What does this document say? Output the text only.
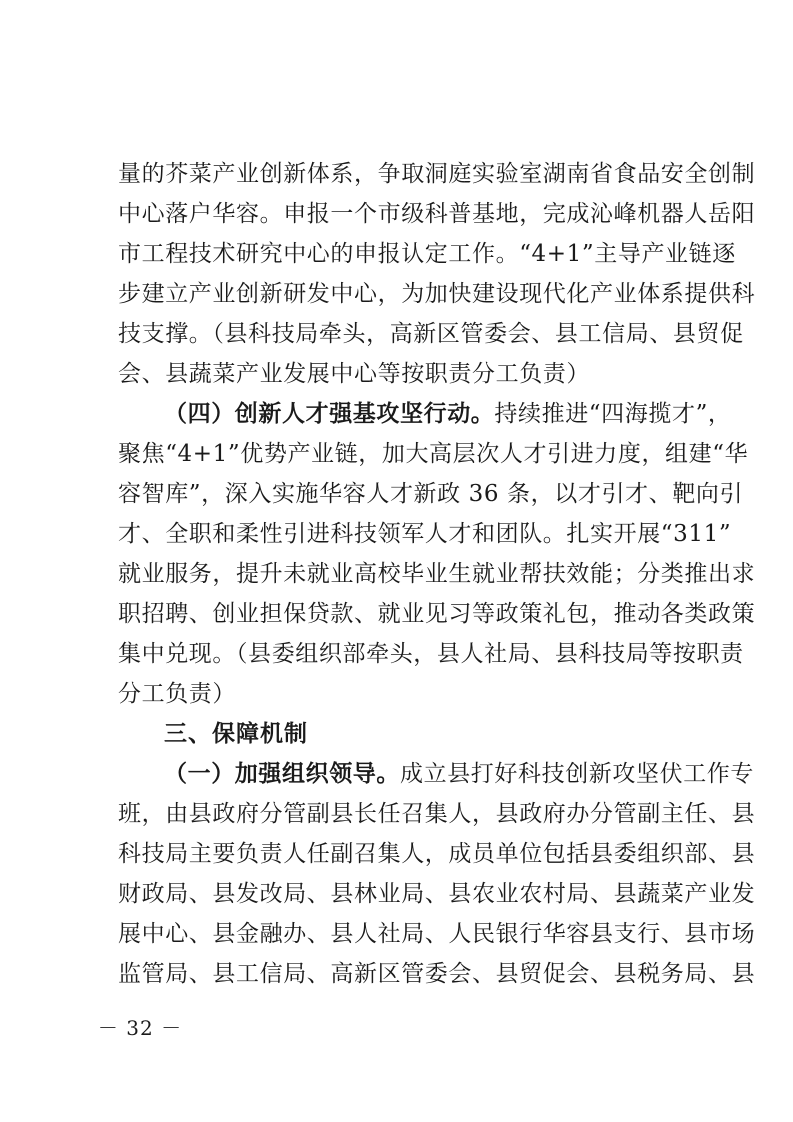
量的芥菜产业创新体系，争取洞庭实验室湖南省食品安全创制
中心落户华容。申报一个市级科普基地，完成沁峰机器人岳阳
市工程技术研究中心的申报认定工作。“4+1”主导产业链逐
步建立产业创新研发中心，为加快建设现代化产业体系提供科
技支撑。（县科技局牵头，高新区管委会、县工信局、县贸促
会、县蔬菜产业发展中心等按职责分工负责）
（四）创新人才强基攻坚行动。持续推进“四海揽才”，
聚焦“4+1”优势产业链，加大高层次人才引进力度，组建“华
容智库”，深入实施华容人才新政 36 条，以才引才、靶向引
才、全职和柔性引进科技领军人才和团队。扎实开展“311”
就业服务，提升未就业高校毕业生就业帮扶效能；分类推出求
职招聘、创业担保贷款、就业见习等政策礼包，推动各类政策
集中兑现。（县委组织部牵头，县人社局、县科技局等按职责
分工负责）
三、保障机制
（一）加强组织领导。成立县打好科技创新攻坚伏工作专
班，由县政府分管副县长任召集人，县政府办分管副主任、县
科技局主要负责人任副召集人，成员单位包括县委组织部、县
财政局、县发改局、县林业局、县农业农村局、县蔬菜产业发
展中心、县金融办、县人社局、人民银行华容县支行、县市场
监管局、县工信局、高新区管委会、县贸促会、县税务局、县
－ 32 －
